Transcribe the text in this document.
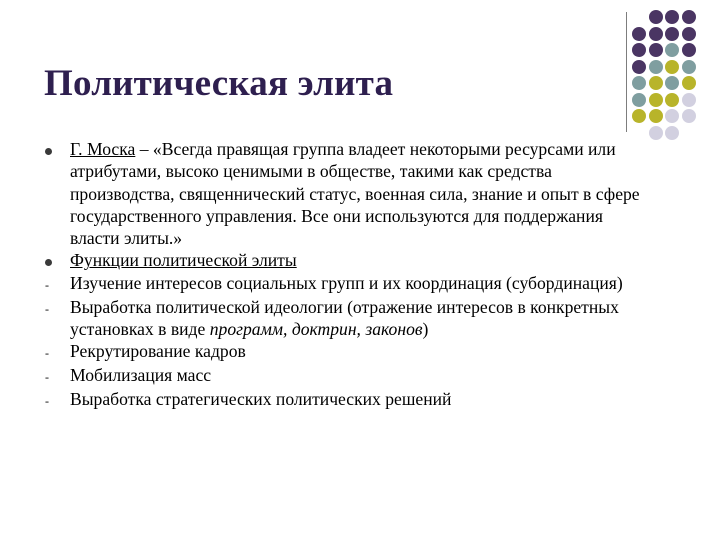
Политическая элита
Г. Моска – «Всегда правящая группа владеет некоторыми ресурсами или атрибутами, высоко ценимыми в обществе, такими как средства производства, священнический статус, военная сила, знание и опыт в сфере государственного управления. Все они используются для поддержания власти элиты.»
Функции политической элиты
-	Изучение интересов социальных групп и их координация (субординация)
-	Выработка политической идеологии (отражение интересов в конкретных установках в виде программ, доктрин, законов)
-	Рекрутирование кадров
-	Мобилизация масс
-	Выработка стратегических политических решений
